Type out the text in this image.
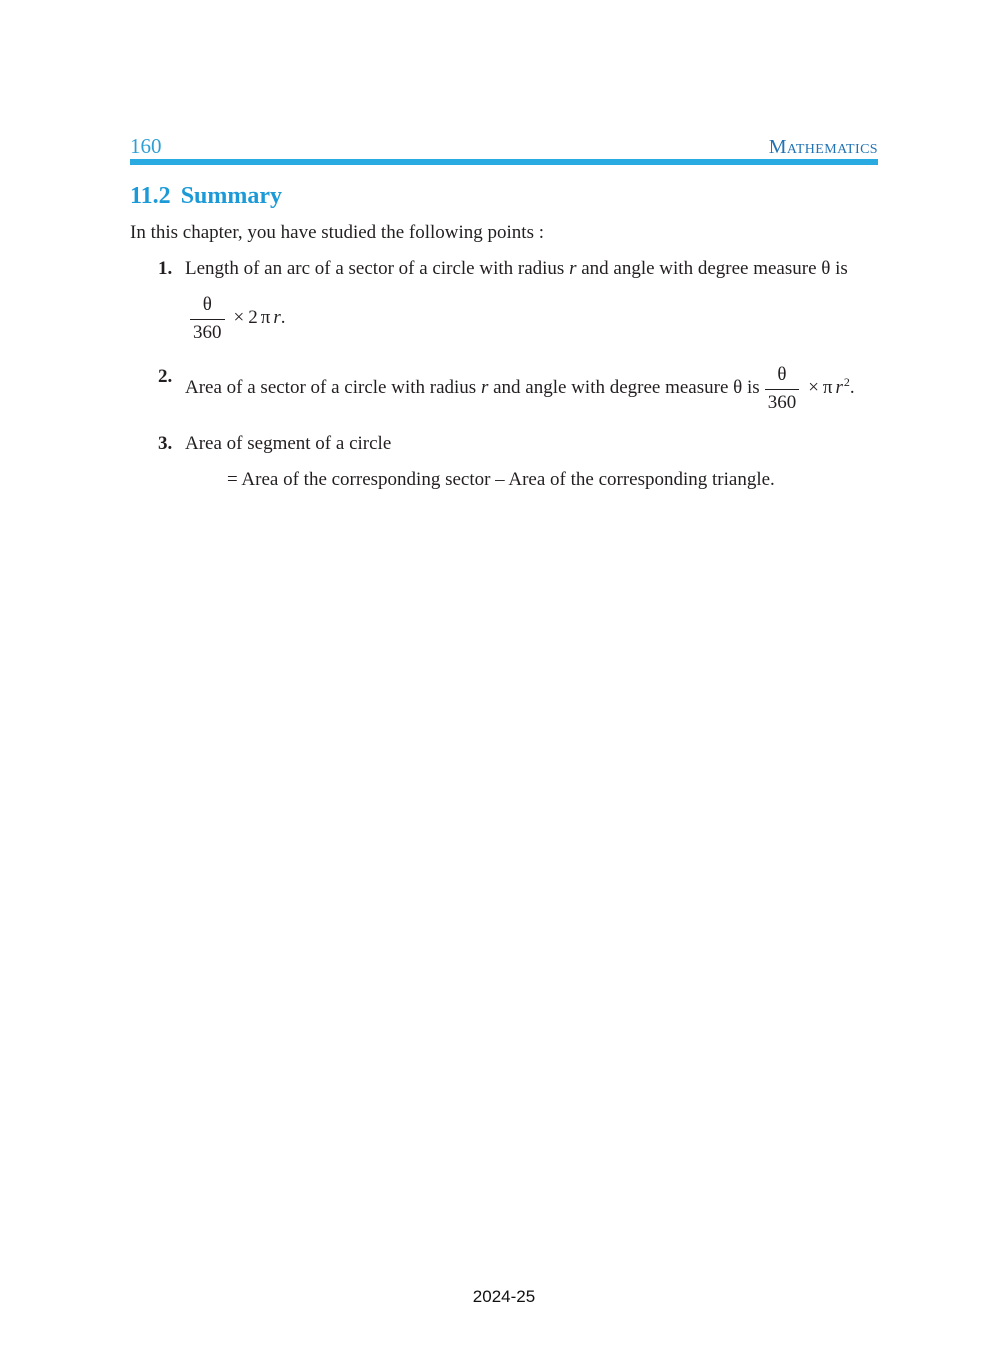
160	Mathematics
11.2 Summary

In this chapter, you have studied the following points :

1. Length of an arc of a sector of a circle with radius r and angle with degree measure θ is
$\frac{\theta}{360} \times 2$ π r.
2.
Area of a sector of a circle with radius r and angle with degree measure θ is $\frac{\theta}{360} \times \pi$ $r^2$.
3. Area of segment of a circle
= Area of the corresponding sector – Area of the corresponding triangle.
2024-25
